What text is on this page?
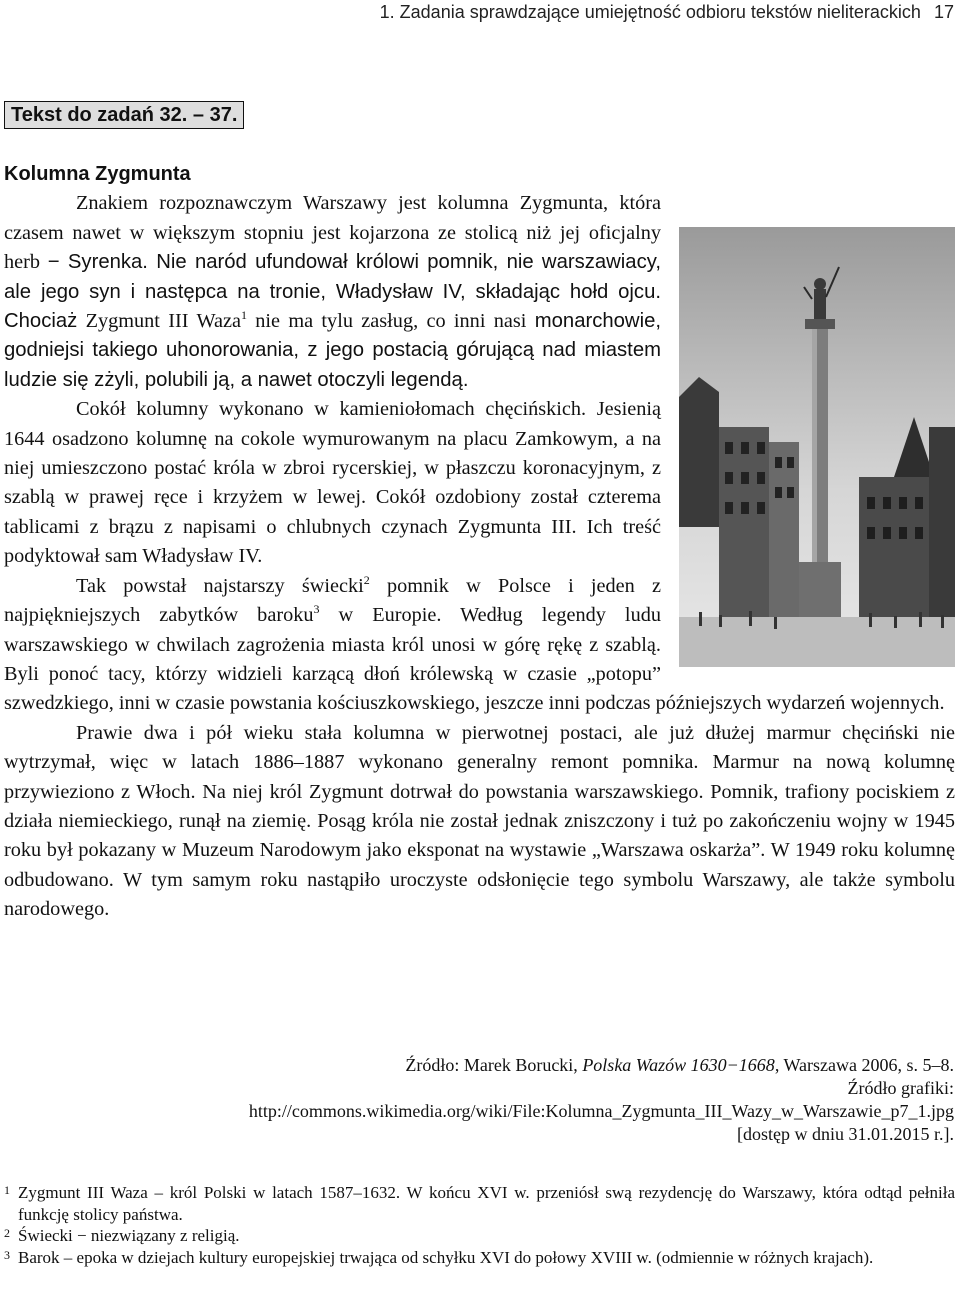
1. Zadania sprawdzające umiejętność odbioru tekstów nieliterackich 17
Tekst do zadań 32. – 37.

Kolumna Zygmunta

Znakiem rozpoznawczym Warszawy jest kolumna Zygmunta, która czasem nawet w większym stopniu jest kojarzona ze stolicą niż jej oficjalny herb − Syrenka. Nie naród ufundował królowi pomnik, nie warszawiacy, ale jego syn i następca na tronie, Władysław IV, składając hołd ojcu. Chociaż Zygmunt III Waza$^1$ nie ma tylu zasług, co inni nasi monarchowie, godniejsi takiego uhonorowania, z jego postacią górującą nad miastem ludzie się zżyli, polubili ją, a nawet otoczyli legendą.

Cokół kolumny wykonano w kamieniołomach chęcińskich. Jesienią 1644 osadzono kolumnę na cokole wymurowanym na placu Zamkowym, a na niej umieszczono postać króla w zbroi rycerskiej, w płaszczu koronacyjnym, z szablą w prawej ręce i krzyżem w lewej. Cokół ozdobiony został czterema tablicami z brązu z napisami o chlubnych czynach Zygmunta III. Ich treść podyktował sam Władysław IV.

Tak powstał najstarszy świecki$^2$ pomnik w Polsce i jeden z najpiękniejszych zabytków baroku$^3$ w Europie. Według legendy ludu warszawskiego w chwilach zagrożenia miasta król unosi w górę rękę z szablą. Byli ponoć tacy, którzy widzieli karzącą dłoń królewską w czasie „potopu” szwedzkiego, inni w czasie powstania kościuszkowskiego, jeszcze inni podczas późniejszych wydarzeń wojennych.

Prawie dwa i pół wieku stała kolumna w pierwotnej postaci, ale już dłużej marmur chęciński nie wytrzymał, więc w latach 1886–1887 wykonano generalny remont pomnika. Marmur na nową kolumnę przywieziono z Włoch. Na niej król Zygmunt dotrwał do powstania warszawskiego. Pomnik, trafiony pociskiem z działa niemieckiego, runął na ziemię. Posąg króla nie został jednak zniszczony i tuż po zakończeniu wojny w 1945 roku był pokazany w Muzeum Narodowym jako eksponat na wystawie „Warszawa oskarża”. W 1949 roku kolumnę odbudowano. W tym samym roku nastąpiło uroczyste odsłonięcie tego symbolu Warszawy, ale także symbolu narodowego.

Źródło: Marek Borucki, Polska Wazów 1630−1668, Warszawa 2006, s. 5–8.
Źródło grafiki:
http://commons.wikimedia.org/wiki/File:Kolumna_Zygmunta_III_Wazy_w_Warszawie_p7_1.jpg
[dostęp w dniu 31.01.2015 r.].
1 Zygmunt III Waza – król Polski w latach 1587–1632. W końcu XVI w. przeniósł swą rezydencję do Warszawy, która odtąd pełniła funkcję stolicy państwa.
2 Świecki − niezwiązany z religią.
3 Barok – epoka w dziejach kultury europejskiej trwająca od schyłku XVI do połowy XVIII w. (odmiennie w różnych krajach).
